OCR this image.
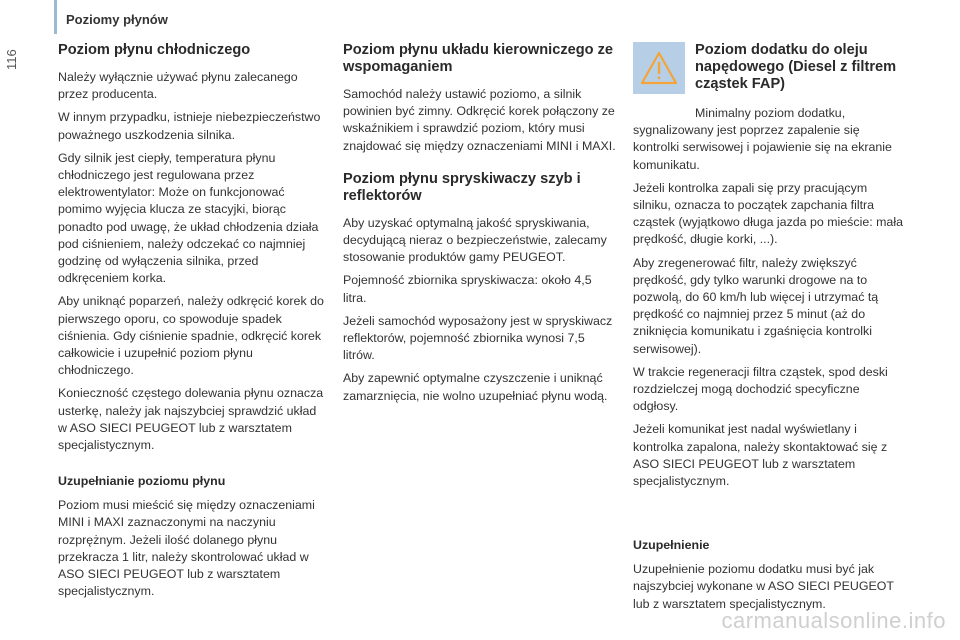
Poziomy płynów
116	Poziom płynu chłodniczego

Należy wyłącznie używać płynu zalecanego przez producenta.

W innym przypadku, istnieje niebezpieczeństwo poważnego uszkodzenia silnika.

Gdy silnik jest ciepły, temperatura płynu chłodniczego jest regulowana przez elektrowentylator: Może on funkcjonować pomimo wyjęcia klucza ze stacyjki, biorąc ponadto pod uwagę, że układ chłodzenia działa pod ciśnieniem, należy odczekać co najmniej godzinę od wyłączenia silnika, przed odkręceniem korka.

Aby uniknąć poparzeń, należy odkręcić korek do pierwszego oporu, co spowoduje spadek ciśnienia. Gdy ciśnienie spadnie, odkręcić korek całkowicie i uzupełnić poziom płynu chłodniczego.

Konieczność częstego dolewania płynu oznacza usterkę, należy jak najszybciej sprawdzić układ w ASO SIECI PEUGEOT lub z warsztatem specjalistycznym.

Uzupełnianie poziomu płynu

Poziom musi mieścić się między oznaczeniami MINI i MAXI zaznaczonymi na naczyniu rozprężnym. Jeżeli ilość dolanego płynu przekracza 1 litr, należy skontrolować układ w ASO SIECI PEUGEOT lub z warsztatem specjalistycznym.

Poziom płynu układu kierowniczego ze wspomaganiem

Samochód należy ustawić poziomo, a silnik powinien być zimny. Odkręcić korek połączony ze wskaźnikiem i sprawdzić poziom, który musi znajdować się między oznaczeniami MINI i MAXI.

Poziom płynu spryskiwaczy szyb i reflektorów

Aby uzyskać optymalną jakość spryskiwania, decydującą nieraz o bezpieczeństwie, zalecamy stosowanie produktów gamy PEUGEOT.

Pojemność zbiornika spryskiwacza: około 4,5 litra.

Jeżeli samochód wyposażony jest w spryskiwacz reflektorów, pojemność zbiornika wynosi 7,5 litrów.

Aby zapewnić optymalne czyszczenie i uniknąć zamarznięcia, nie wolno uzupełniać płynu wodą.

Poziom dodatku do oleju napędowego (Diesel z filtrem cząstek FAP)

Minimalny poziom dodatku, sygnalizowany jest poprzez zapalenie się kontrolki serwisowej i pojawienie się na ekranie komunikatu.

Jeżeli kontrolka zapali się przy pracującym silniku, oznacza to początek zapchania filtra cząstek (wyjątkowo długa jazda po mieście: mała prędkość, długie korki, ...).

Aby zregenerować filtr, należy zwiększyć prędkość, gdy tylko warunki drogowe na to pozwolą, do 60 km/h lub więcej i utrzymać tą prędkość co najmniej przez 5 minut (aż do zniknięcia komunikatu i zgaśnięcia kontrolki serwisowej).

W trakcie regeneracji filtra cząstek, spod deski rozdzielczej mogą dochodzić specyficzne odgłosy.

Jeżeli komunikat jest nadal wyświetlany i kontrolka zapalona, należy skontaktować się z ASO SIECI PEUGEOT lub z warsztatem specjalistycznym.

Uzupełnienie

Uzupełnienie poziomu dodatku musi być jak najszybciej wykonane w ASO SIECI PEUGEOT lub z warsztatem specjalistycznym.

carmanualsonline.info
